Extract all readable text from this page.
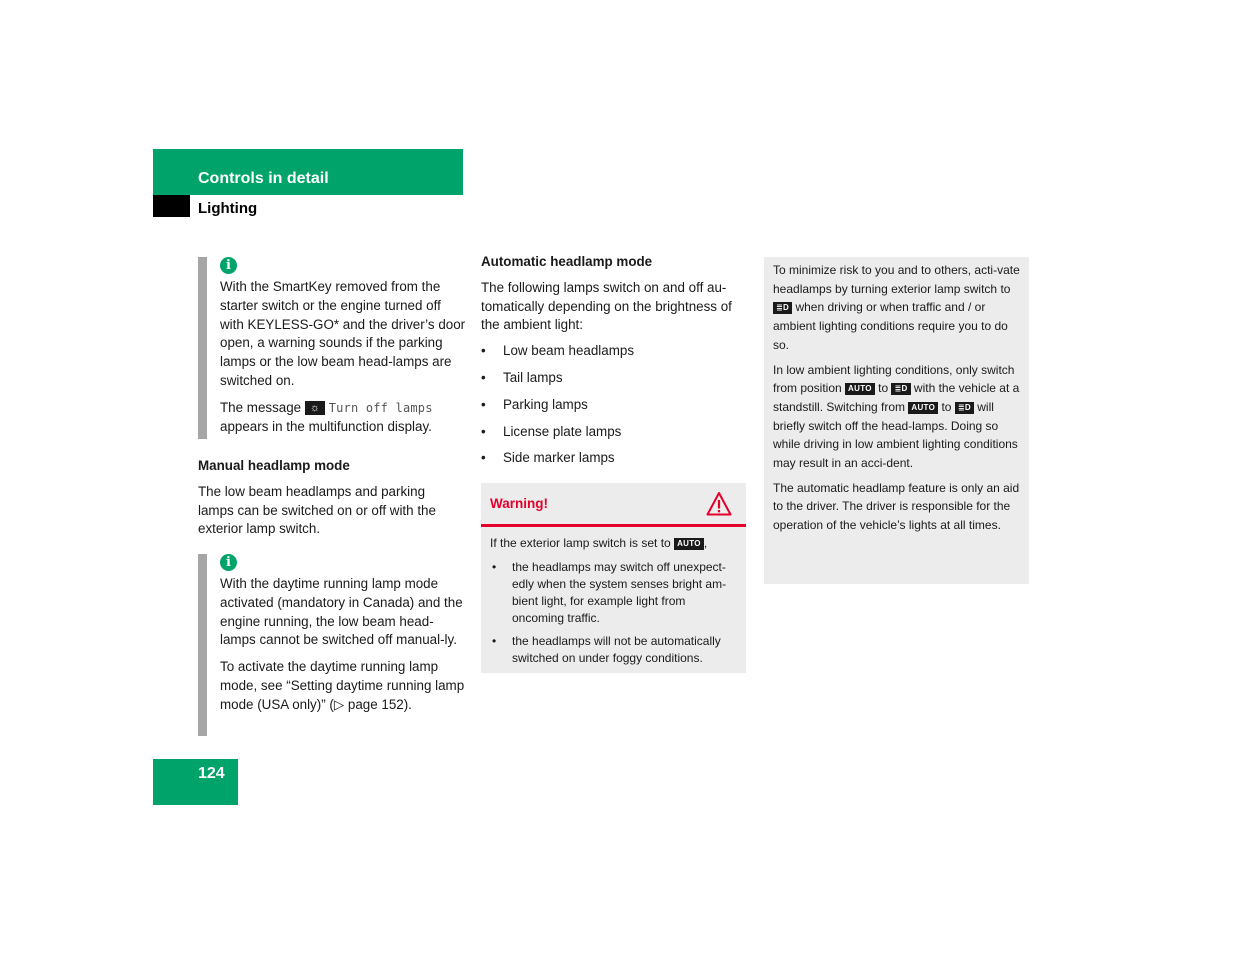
Controls in detail
Lighting
i

With the SmartKey removed from the starter switch or the engine turned off with KEYLESS-GO* and the driver’s door open, a warning sounds if the parking lamps or the low beam head-lamps are switched on.

The message ☼ Turn off lamps appears in the multifunction display.

Manual headlamp mode

The low beam headlamps and parking lamps can be switched on or off with the exterior lamp switch.

i

With the daytime running lamp mode activated (mandatory in Canada) and the engine running, the low beam head-lamps cannot be switched off manual-ly.

To activate the daytime running lamp mode, see “Setting daytime running lamp mode (USA only)” (▷ page 152).

Automatic headlamp mode

The following lamps switch on and off au-tomatically depending on the brightness of the ambient light:

• Low beam headlamps
• Tail lamps
• Parking lamps
• License plate lamps
• Side marker lamps
Warning!

If the exterior lamp switch is set to AUTO ,

• the headlamps may switch off unexpect-edly when the system senses bright am-bient light, for example light from oncoming traffic.
• the headlamps will not be automatically switched on under foggy conditions.

To minimize risk to you and to others, acti-vate headlamps by turning exterior lamp switch to ≣D when driving or when traffic and / or ambient lighting conditions require you to do so.

In low ambient lighting conditions, only switch from position AUTO to ≣D with the vehicle at a standstill. Switching from AUTO to ≣D will briefly switch off the head-lamps. Doing so while driving in low ambient lighting conditions may result in an acci-dent.

The automatic headlamp feature is only an aid to the driver. The driver is responsible for the operation of the vehicle’s lights at all times.

124
